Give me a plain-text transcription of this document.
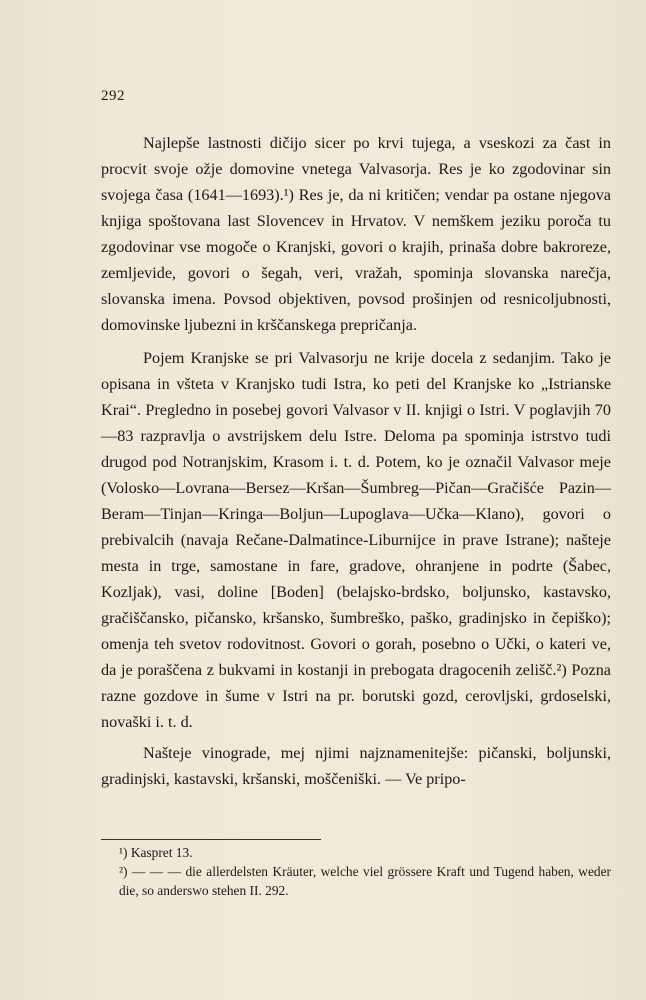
292

Najlepše lastnosti dičijo sicer po krvi tujega, a vseskozi za čast in procvit svoje ožje domovine vnetega Valvasorja. Res je ko zgodovinar sin svojega časa (1641—1693).¹) Res je, da ni kritičen; vendar pa ostane njegova knjiga spoštovana last Slovencev in Hrvatov. V nemškem jeziku poroča tu zgodovinar vse mogoče o Kranjski, govori o krajih, prinaša dobre bakroreze, zemljevide, govori o šegah, veri, vražah, spominja slovanska narečja, slovanska imena. Povsod objektiven, povsod prošinjen od resnicoljubnosti, domovinske ljubezni in krščanskega prepričanja.

Pojem Kranjske se pri Valvasorju ne krije docela z sedanjim. Tako je opisana in všteta v Kranjsko tudi Istra, ko peti del Kranjske ko „Istrianske Krai“. Pregledno in posebej govori Valvasor v II. knjigi o Istri. V poglavjih 70—83 razpravlja o avstrijskem delu Istre. Deloma pa spominja istrstvo tudi drugod pod Notranjskim, Krasom i. t. d. Potem, ko je označil Valvasor meje (Volosko—Lovrana—Bersez—Kršan—Šumbreg—Pičan—Gračišće Pazin—Beram—Tinjan—Kringa—Boljun—Lupoglava—Učka—Klano), govori o prebivalcih (navaja Rečane-Dalmatince-Liburnijce in prave Istrane); našteje mesta in trge, samostane in fare, gradove, ohranjene in podrte (Šabec, Kozljak), vasi, doline [Boden] (belajsko-brdsko, boljunsko, kastavsko, gračiščansko, pičansko, kršansko, šumbreško, paško, gradinjsko in čepiško); omenja teh svetov rodovitnost. Govori o gorah, posebno o Učki, o kateri ve, da je poraščena z bukvami in kostanji in prebogata dragocenih zelišč.²) Pozna razne gozdove in šume v Istri na pr. borutski gozd, cerovljski, grdoselski, novaški i. t. d.

Našteje vinograde, mej njimi najznamenitejše: pičanski, boljunski, gradinjski, kastavski, kršanski, moščeniški. — Ve pripo-

¹) Kaspret 13.

²) — — — die allerdelsten Kräuter, welche viel grössere Kraft und Tugend haben, weder die, so anderswo stehen II. 292.
